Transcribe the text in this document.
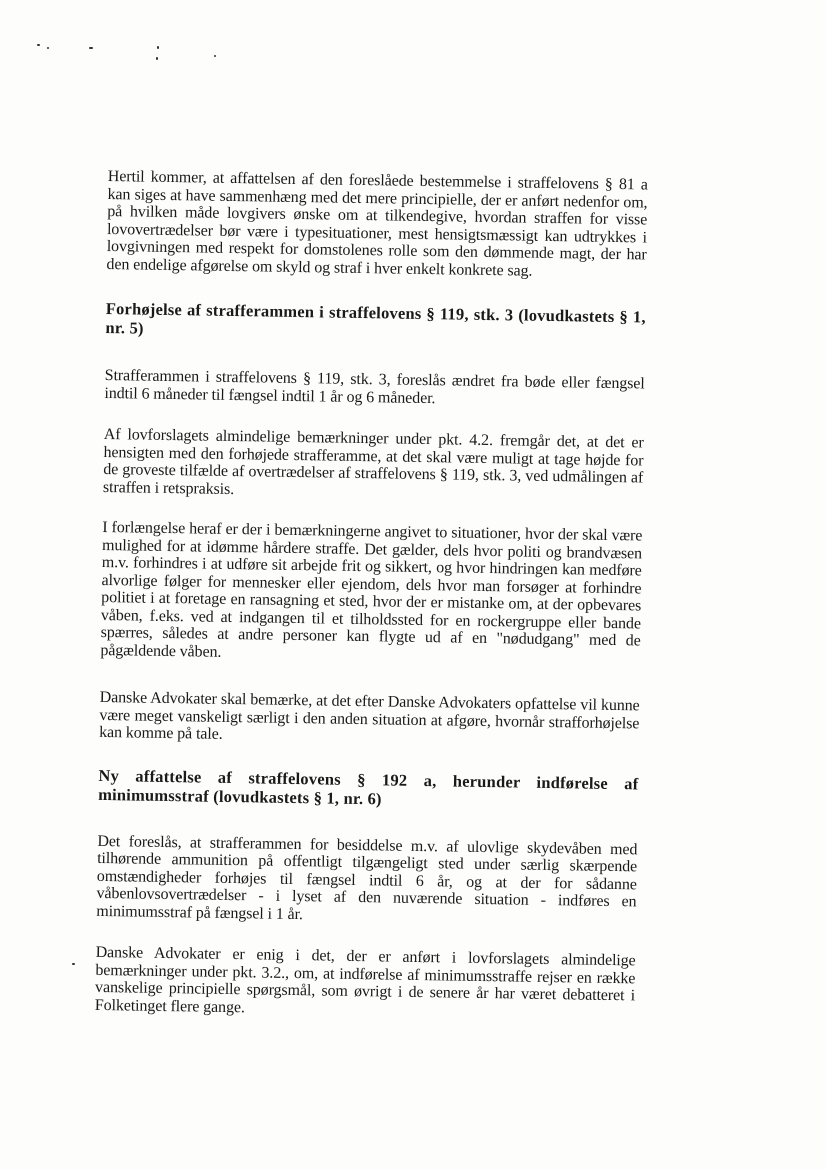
Hertil kommer, at affattelsen af den foreslåede bestemmelse i straffelovens § 81 a kan siges at have sammenhæng med det mere principielle, der er anført nedenfor om, på hvilken måde lovgivers ønske om at tilkendegive, hvordan straffen for visse lovovertrædelser bør være i typesituationer, mest hensigtsmæssigt kan udtrykkes i lovgivningen med respekt for domstolenes rolle som den dømmende magt, der har den endelige afgørelse om skyld og straf i hver enkelt konkrete sag.

Forhøjelse af strafferammen i straffelovens § 119, stk. 3 (lovudkastets § 1, nr. 5)

Strafferammen i straffelovens § 119, stk. 3, foreslås ændret fra bøde eller fængsel indtil 6 måneder til fængsel indtil 1 år og 6 måneder.

Af lovforslagets almindelige bemærkninger under pkt. 4.2. fremgår det, at det er hensigten med den forhøjede strafferamme, at det skal være muligt at tage højde for de groveste tilfælde af overtrædelser af straffelovens § 119, stk. 3, ved udmålingen af straffen i retspraksis.

I forlængelse heraf er der i bemærkningerne angivet to situationer, hvor der skal være mulighed for at idømme hårdere straffe. Det gælder, dels hvor politi og brandvæsen m.v. forhindres i at udføre sit arbejde frit og sikkert, og hvor hindringen kan medføre alvorlige følger for mennesker eller ejendom, dels hvor man forsøger at forhindre politiet i at foretage en ransagning et sted, hvor der er mistanke om, at der opbevares våben, f.eks. ved at indgangen til et tilholdssted for en rockergruppe eller bande spærres, således at andre personer kan flygte ud af en "nødudgang" med de pågældende våben.

Danske Advokater skal bemærke, at det efter Danske Advokaters opfattelse vil kunne være meget vanskeligt særligt i den anden situation at afgøre, hvornår strafforhøjelse kan komme på tale.

Ny affattelse af straffelovens § 192 a, herunder indførelse af minimumsstraf (lovudkastets § 1, nr. 6)

Det foreslås, at strafferammen for besiddelse m.v. af ulovlige skydevåben med tilhørende ammunition på offentligt tilgængeligt sted under særlig skærpende omstændigheder forhøjes til fængsel indtil 6 år, og at der for sådanne våbenlovsovertrædelser - i lyset af den nuværende situation - indføres en minimumsstraf på fængsel i 1 år.

Danske Advokater er enig i det, der er anført i lovforslagets almindelige bemærkninger under pkt. 3.2., om, at indførelse af minimumsstraffe rejser en række vanskelige principielle spørgsmål, som øvrigt i de senere år har været debatteret i Folketinget flere gange.
